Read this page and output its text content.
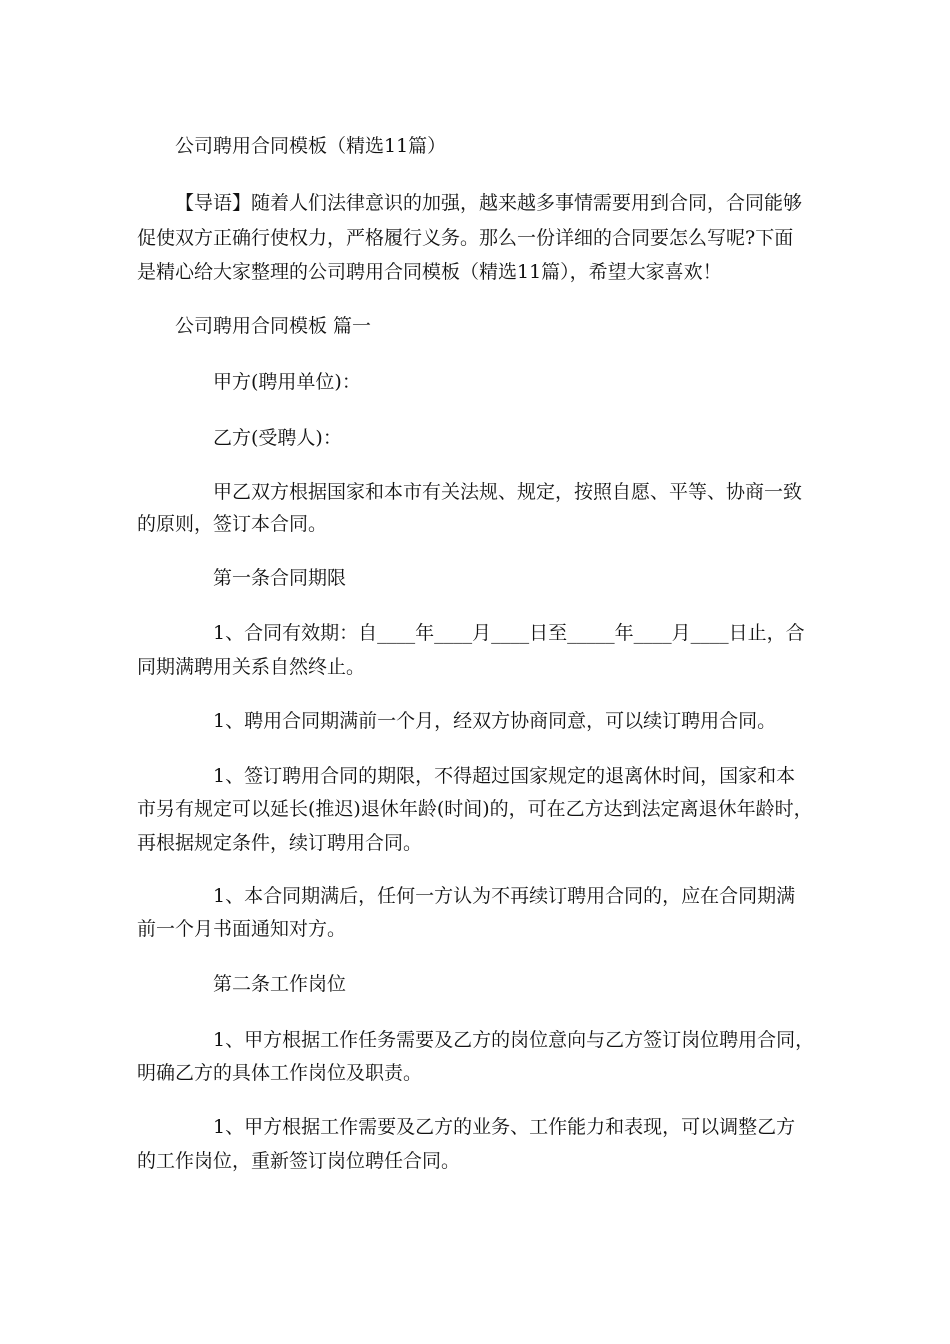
公司聘用合同模板（精选11篇）
【导语】随着人们法律意识的加强，越来越多事情需要用到合同，合同能够
促使双方正确行使权力，严格履行义务。那么一份详细的合同要怎么写呢?下面
是精心给大家整理的公司聘用合同模板（精选11篇），希望大家喜欢！
公司聘用合同模板 篇一
甲方(聘用单位)：
乙方(受聘人)：
甲乙双方根据国家和本市有关法规、规定，按照自愿、平等、协商一致
的原则，签订本合同。
第一条合同期限
1、合同有效期：自____年____月____日至_____年____月____日止，合
同期满聘用关系自然终止。
1、聘用合同期满前一个月，经双方协商同意，可以续订聘用合同。
1、签订聘用合同的期限，不得超过国家规定的退离休时间，国家和本
市另有规定可以延长(推迟)退休年龄(时间)的，可在乙方达到法定离退休年龄时，
再根据规定条件，续订聘用合同。
1、本合同期满后，任何一方认为不再续订聘用合同的，应在合同期满
前一个月书面通知对方。
第二条工作岗位
1、甲方根据工作任务需要及乙方的岗位意向与乙方签订岗位聘用合同，
明确乙方的具体工作岗位及职责。
1、甲方根据工作需要及乙方的业务、工作能力和表现，可以调整乙方
的工作岗位，重新签订岗位聘任合同。
